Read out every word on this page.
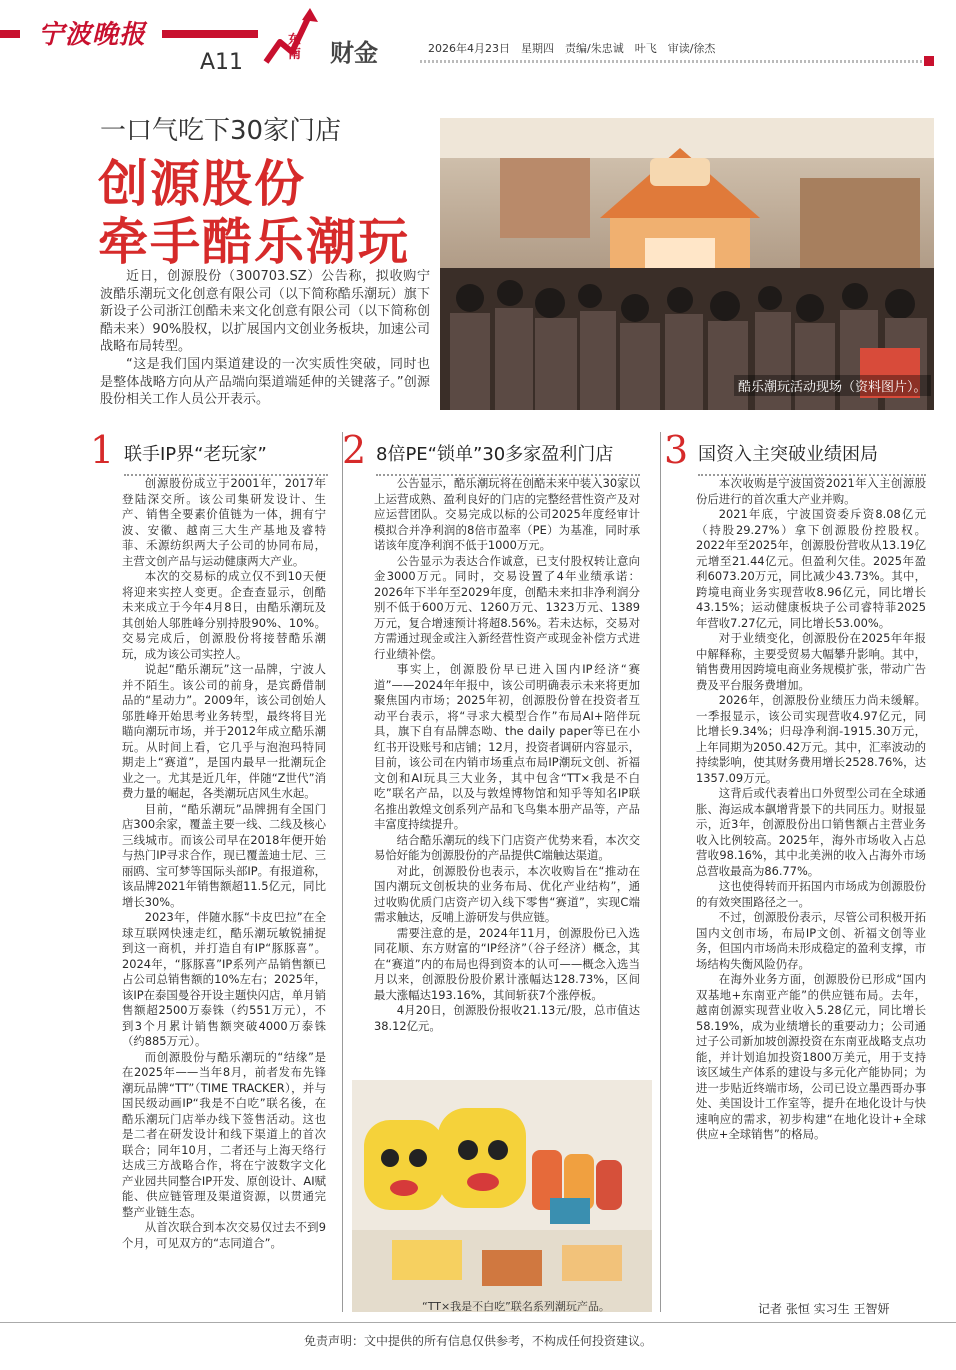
宁波晚报
A11
东
南 财金	2026年4月23日　星期四　责编/朱忠诚　叶飞　审读/徐杰
一口气吃下30家门店
创源股份
牵手酷乐潮玩

近日，创源股份（300703.SZ）公告称，拟收购宁波酷乐潮玩文化创意有限公司（以下简称酷乐潮玩）旗下新设子公司浙江创酷未来文化创意有限公司（以下简称创酷未来）90%股权，以扩展国内文创业务板块，加速公司战略布局转型。

“这是我们国内渠道建设的一次实质性突破，同时也是整体战略方向从产品端向渠道端延伸的关键落子。”创源股份相关工作人员公开表示。

酷乐潮玩活动现场（资料图片）。
1 联手IP界“老玩家” 2 8倍PE“锁单”30多家盈利门店 3 国资入主突破业绩困局

创源股份成立于2001年，2017年登陆深交所。该公司集研发设计、生产、销售全要素价值链为一体，拥有宁波、安徽、越南三大生产基地及睿特菲、禾源纺织两大子公司的协同布局，主营文创产品与运动健康两大产业。

本次的交易标的成立仅不到10天便将迎来实控人变更。企查查显示，创酷未来成立于今年4月8日，由酷乐潮玩及其创始人邬胜峰分别持股90%、10%。交易完成后，创源股份将接替酷乐潮玩，成为该公司实控人。

说起“酷乐潮玩”这一品牌，宁波人并不陌生。该公司的前身，是宾爵借制品的“星动力”。2009年，该公司创始人邬胜峰开始思考业务转型，最终将目光瞄向潮玩市场，并于2012年成立酷乐潮玩。从时间上看，它几乎与泡泡玛特同期走上“赛道”，是国内最早一批潮玩企业之一。尤其是近几年，伴随“Z世代”消费力量的崛起，各类潮玩店风生水起。

目前，“酷乐潮玩”品牌拥有全国门店300余家，覆盖主要一线、二线及核心三线城市。而该公司早在2018年便开始与热门IP寻求合作，现已覆盖迪士尼、三丽鸥、宝可梦等国际头部IP。有报道称，该品牌2021年销售额超11.5亿元，同比增长30%。

2023年，伴随水豚“卡皮巴拉”在全球互联网快速走红，酷乐潮玩敏锐捕捉到这一商机，并打造自有IP“豚豚喜”。2024年，“豚豚喜”IP系列产品销售额已占公司总销售额的10%左右；2025年，该IP在泰国曼谷开设主题快闪店，单月销售额超2500万泰铢（约551万元），不到3个月累计销售额突破4000万泰铢（约885万元）。

而创源股份与酷乐潮玩的“结缘”是在2025年——当年8月，前者发布先锋潮玩品牌“TT”（TIME TRACKER），并与国民级动画IP“我是不白吃”联名後，在酷乐潮玩门店举办线下签售活动。这也是二者在研发设计和线下渠道上的首次联合；同年10月，二者还与上海天络行达成三方战略合作，将在宁波数字文化产业园共同整合IP开发、原创设计、AI赋能、供应链管理及渠道资源，以贯通完整产业链生态。

从首次联合到本次交易仅过去不到9个月，可见双方的“志同道合”。

公告显示，酷乐潮玩将在创酷未来中装入30家以上运营成熟、盈利良好的门店的完整经营性资产及对应运营团队。交易完成以标的公司2025年度经审计模拟合并净利润的8倍市盈率（PE）为基准，同时承诺该年度净利润不低于1000万元。

公告显示为表达合作诚意，已支付股权转让意向金3000万元。同时，交易设置了4年业绩承诺：2026年下半年至2029年度，创酷未来扣非净利润分别不低于600万元、1260万元、1323万元、1389万元，复合增速预计将超8.56%。若未达标，交易对方需通过现金或注入新经营性资产或现金补偿方式进行业绩补偿。

事实上，创源股份早已进入国内IP经济“赛道”——2024年年报中，该公司明确表示未来将更加聚焦国内市场；2025年初，创源股份曾在投资者互动平台表示，将“寻求大模型合作”布局AI+陪伴玩具，旗下自有品牌态呦、the daily paper等已在小红书开设账号和店铺；12月，投资者调研内容显示，目前，该公司在内销市场重点布局IP潮玩文创、祈福文创和AI玩具三大业务，其中包含“TT×我是不白吃”联名产品，以及与敦煌博物馆和知乎等知名IP联名推出敦煌文创系列产品和飞鸟集本册产品等，产品丰富度持续提升。

结合酷乐潮玩的线下门店资产优势来看，本次交易恰好能为创源股份的产品提供C端触达渠道。

对此，创源股份也表示，本次收购旨在“推动在国内潮玩文创板块的业务布局、优化产业结构”，通过收购优质门店资产切入线下零售“赛道”，实现C端需求触达，反哺上游研发与供应链。

需要注意的是，2024年11月，创源股份已入选同花顺、东方财富的“IP经济”（谷子经济）概念，其在“赛道”内的布局也得到资本的认可——概念入选当月以来，创源股份股价累计涨幅达128.73%，区间最大涨幅达193.16%，其间斩获7个涨停板。

4月20日，创源股份报收21.13元/股，总市值达38.12亿元。

本次收购是宁波国资2021年入主创源股份后进行的首次重大产业并购。

2021年底，宁波国资委斥资8.08亿元（持股29.27%）拿下创源股份控股权。2022年至2025年，创源股份营收从13.19亿元增至21.44亿元。但盈利欠佳。2025年盈利6073.20万元，同比减少43.73%。其中，跨境电商业务实现营收8.96亿元，同比增长43.15%；运动健康板块子公司睿特菲2025年营收7.27亿元，同比增长53.00%。

对于业绩变化，创源股份在2025年年报中解释称，主要受贸易大幅攀升影响。其中，销售费用因跨境电商业务规模扩张，带动广告费及平台服务费增加。

2026年，创源股份业绩压力尚未缓解。一季报显示，该公司实现营收4.97亿元，同比增长9.34%；归母净利润-1915.30万元，上年同期为2050.42万元。其中，汇率波动的持续影响，使其财务费用增长2528.76%，达1357.09万元。

这背后或代表着出口外贸型公司在全球通胀、海运成本飙增背景下的共同压力。财报显示，近3年，创源股份出口销售额占主营业务收入比例较高。2025年，海外市场收入占总营收98.16%，其中北美洲的收入占海外市场总营收最高为86.77%。

这也使得转而开拓国内市场成为创源股份的有效突围路径之一。

不过，创源股份表示，尽管公司积极开拓国内文创市场，布局IP文创、祈福文创等业务，但国内市场尚未形成稳定的盈利支撑，市场结构失衡风险仍存。

在海外业务方面，创源股份已形成“国内双基地+东南亚产能”的供应链布局。去年，越南创源实现营业收入5.28亿元，同比增长58.19%，成为业绩增长的重要动力；公司通过子公司新加坡创源投资在东南亚战略支点功能，并计划追加投资1800万美元，用于支持该区域生产体系的建设与多元化产能协同；为进一步贴近终端市场，公司已设立墨西哥办事处、美国设计工作室等，提升在地化设计与快速响应的需求，初步构建“在地化设计+全球供应+全球销售”的格局。

“TT×我是不白吃”联名系列潮玩产品。	记者 张恒 实习生 王智妍
免责声明：文中提供的所有信息仅供参考，不构成任何投资建议。
